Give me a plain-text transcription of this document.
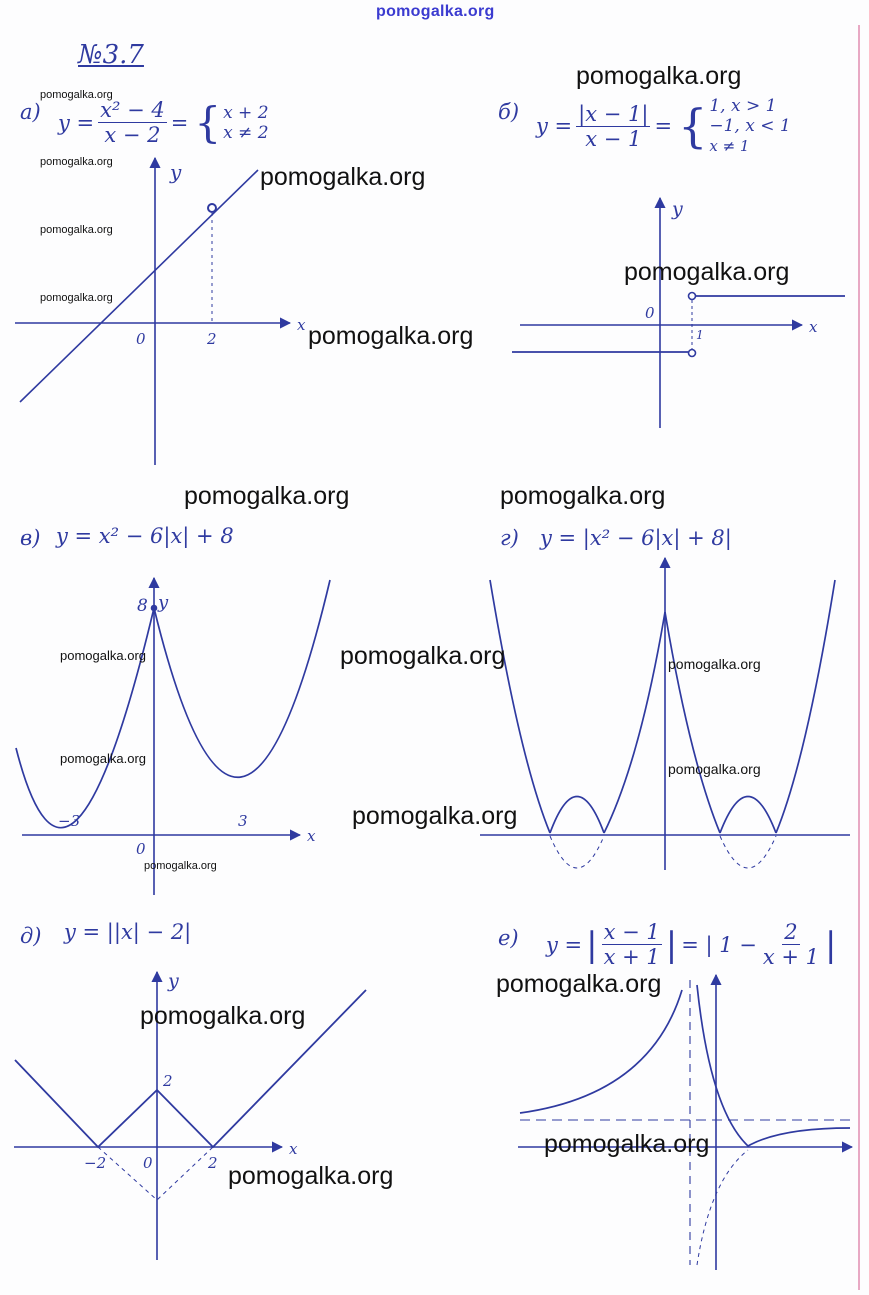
pomogalka.org
№3.7
а) $y = \frac{\text{x² − 4}}{x - 2}$ = { x + 2
x ≠ 2
б)
$y = \frac{|x - 1|}{x - 1}$ = { 1, x > 1
−1, x < 1
x ≠ 1
в) y = x² − 6|x| + 8	г) y = |x² − 6|x| + 8|
д) y = ||x| − 2|	е) y = | $\frac{x - 1}{x + 1}$ | = | $1 - \frac{2}{x + 1}$ |
x
y
0	2
x
y
0
1
x
y
0
8
−3	3
x
y
0
2
−2	2
pomogalka.org
pomogalka.org
pomogalka.org
pomogalka.org
pomogalka.org
pomogalka.org
pomogalka.org
pomogalka.org
pomogalka.org	pomogalka.org
pomogalka.org	pomogalka.org	pomogalka.org
pomogalka.org
pomogalka.org
pomogalka.org
pomogalka.org
pomogalka.org
pomogalka.org
pomogalka.org
pomogalka.org
